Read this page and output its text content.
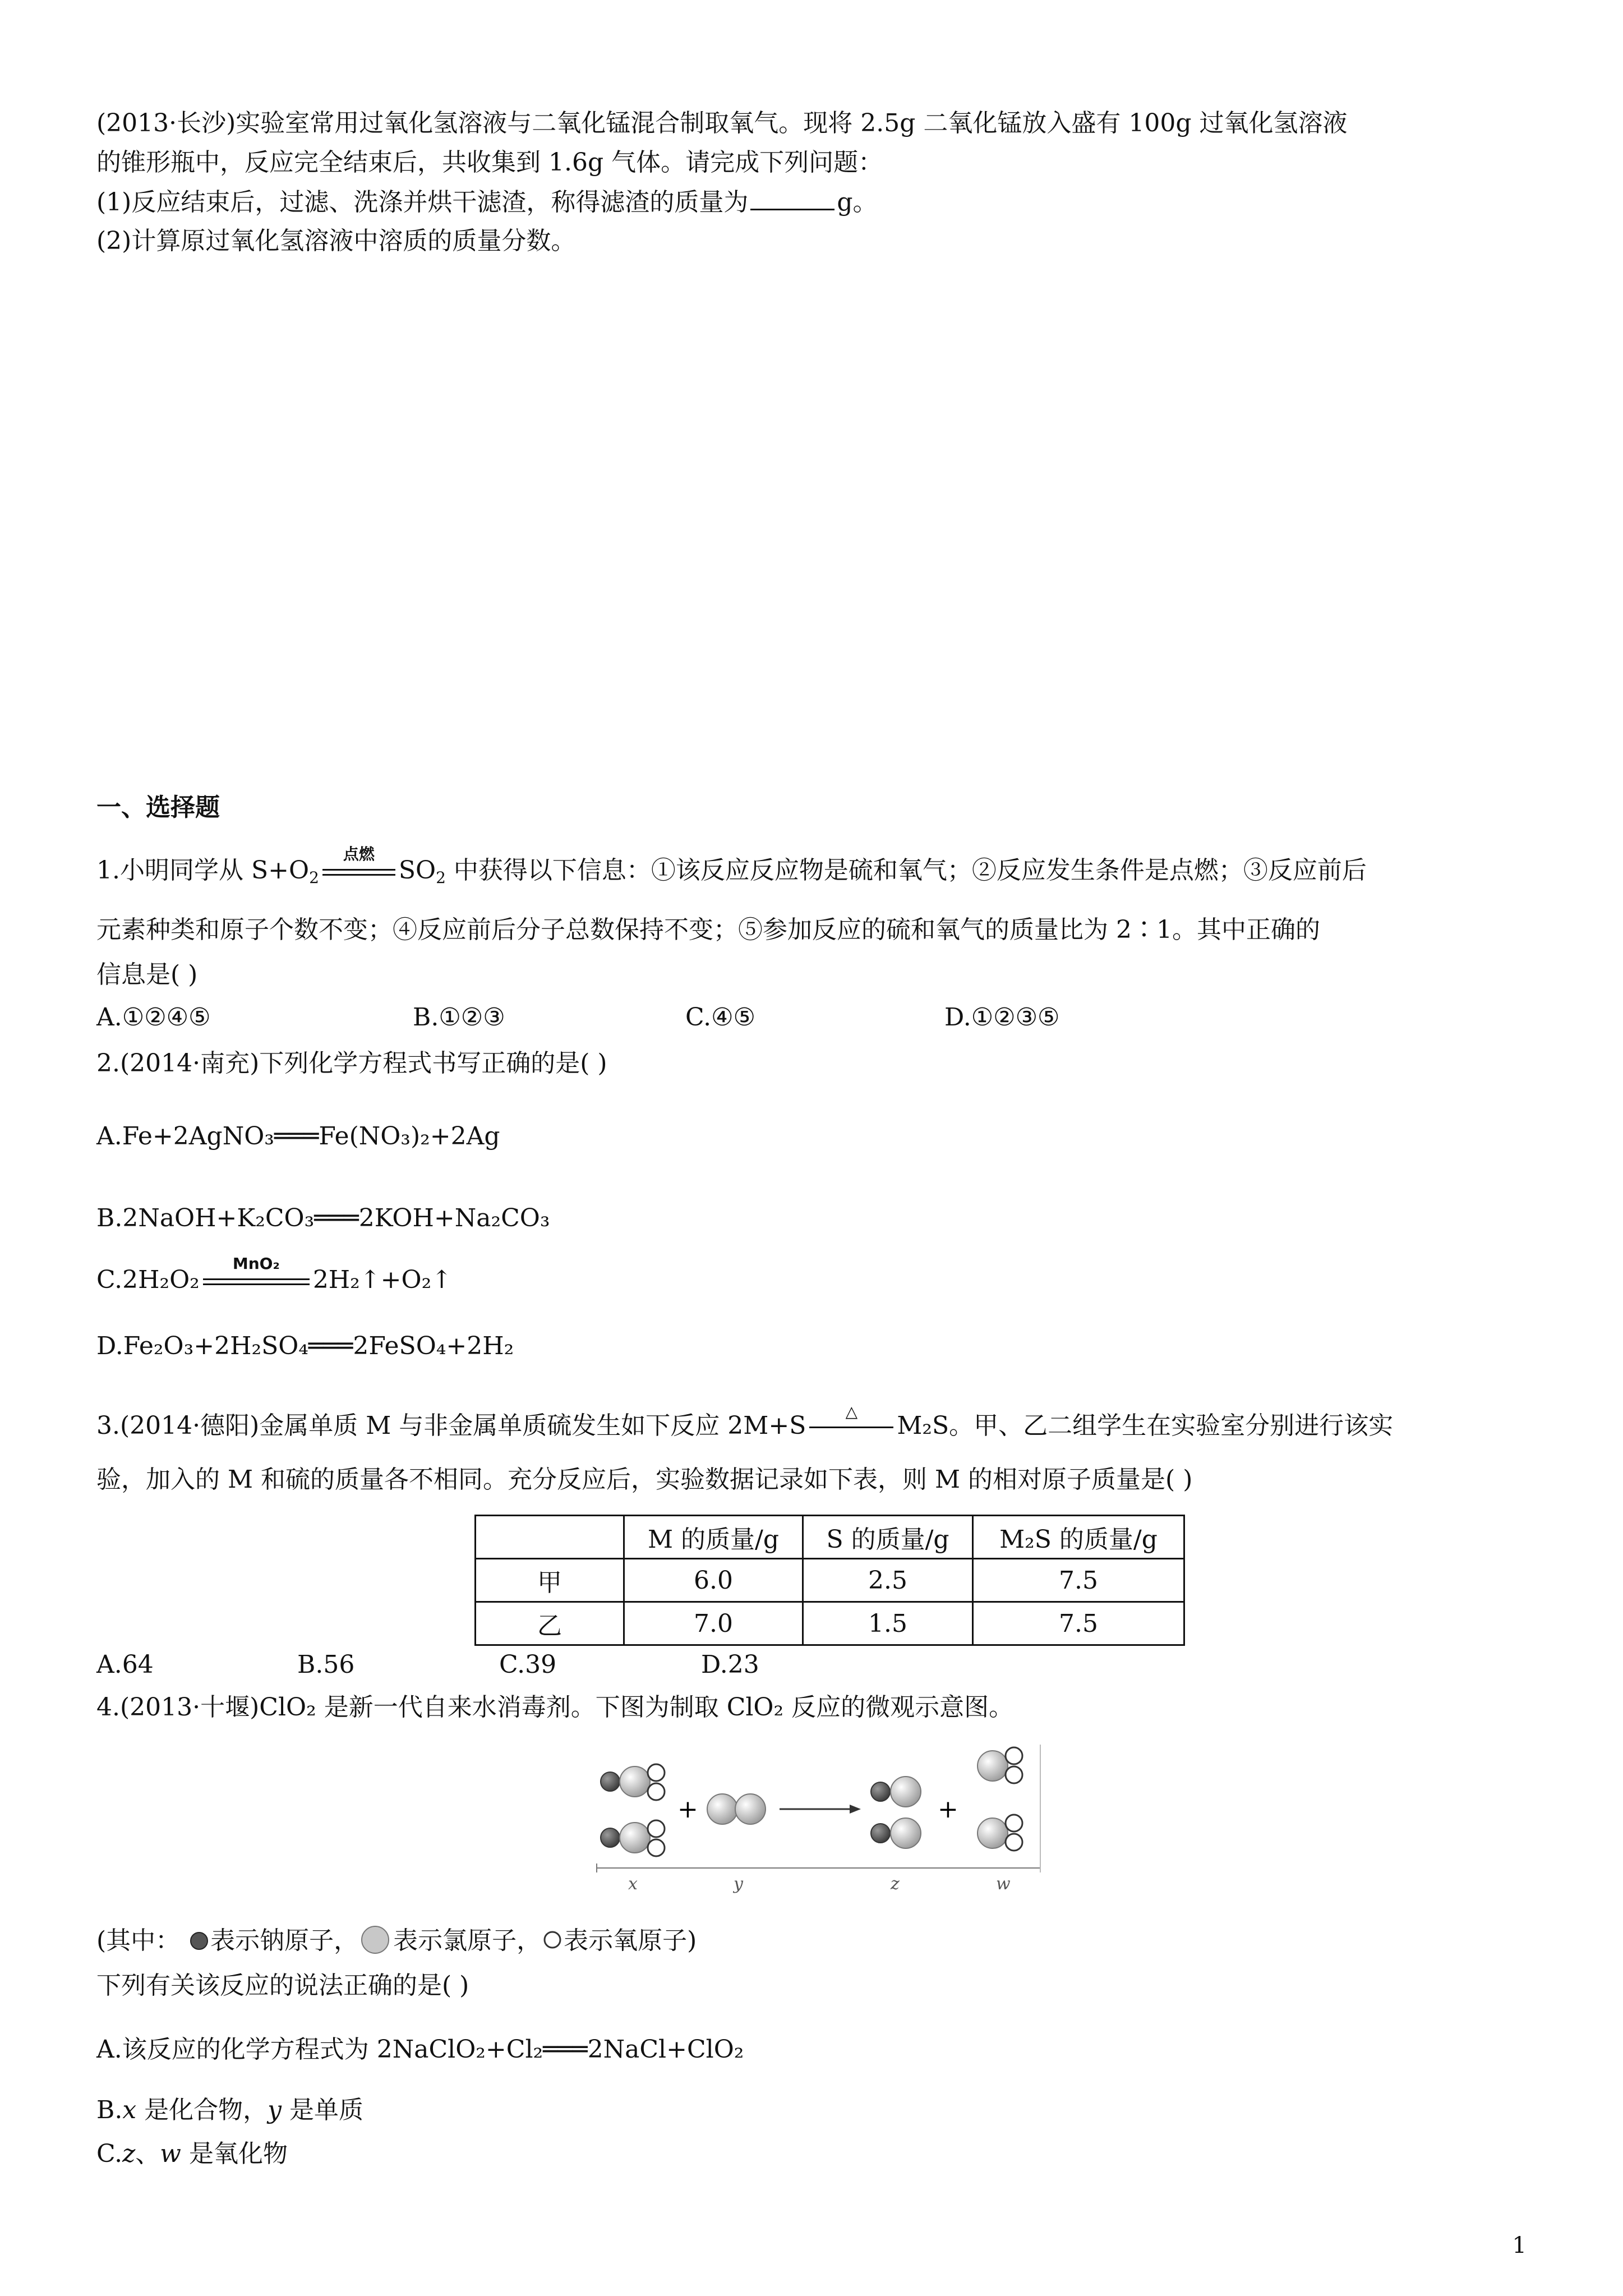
(2013·长沙)实验室常用过氧化氢溶液与二氧化锰混合制取氧气。现将 2.5g 二氧化锰放入盛有 100g 过氧化氢溶液
的锥形瓶中，反应完全结束后，共收集到 1.6g 气体。请完成下列问题：
(1)反应结束后，过滤、洗涤并烘干滤渣，称得滤渣的质量为	g。
(2)计算原过氧化氢溶液中溶质的质量分数。
一、选择题
1.小明同学从 $S+O_2$
点燃
$SO_2$ 中获得以下信息：①该反应反应物是硫和氧气；②反应发生条件是点燃；③反应前后
元素种类和原子个数不变；④反应前后分子总数保持不变；⑤参加反应的硫和氧气的质量比为 2∶1。其中正确的
信息是( )
A.①②④⑤	B.①②③	C.④⑤	D.①②③⑤
2.(2014·南充)下列化学方程式书写正确的是( )
A.Fe+2AgNO₃═══Fe(NO₃)₂+2Ag
B.2NaOH+K₂CO₃═══2KOH+Na₂CO₃
C.2H₂O₂
MnO₂
2H₂↑+O₂↑
D.Fe₂O₃+2H₂SO₄═══2FeSO₄+2H₂
3.(2014·德阳)金属单质 M 与非金属单质硫发生如下反应 2M+S	△	M₂S。甲、乙二组学生在实验室分别进行该实
验，加入的 M 和硫的质量各不相同。充分反应后，实验数据记录如下表，则 M 的相对原子质量是( )
	M 的质量/g	S 的质量/g	M₂S 的质量/g
甲	6.0	2.5	7.5
乙	7.0	1.5	7.5
A.64	B.56	C.39	D.23
4.(2013·十堰)ClO₂ 是新一代自来水消毒剂。下图为制取 ClO₂ 反应的微观示意图。
+	+
x	y	z	w
(其中： 表示钠原子， 表示氯原子， 表示氧原子)
下列有关该反应的说法正确的是( )
A.该反应的化学方程式为 2NaClO₂+Cl₂═══2NaCl+ClO₂
B.x 是化合物，y 是单质
C.z、w 是氧化物
1
